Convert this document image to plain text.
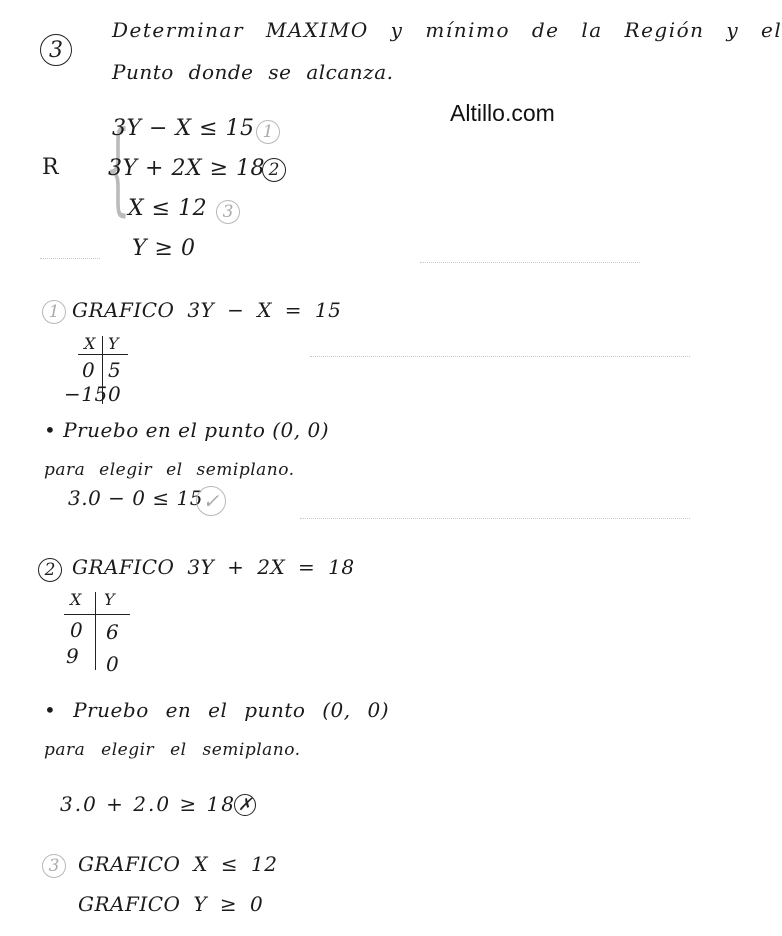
3
Determinar MAXIMO y mínimo de la Región y el
Punto donde se alcanza.
Altillo.com
R {
3Y − X ≤ 15 1
3Y + 2X ≥ 18 2
X ≤ 12 3
Y ≥ 0
1 GRAFICO 3Y − X = 15
X Y
0 5
−15 0
• Pruebo en el punto (0, 0)
para elegir el semiplano.
3.0 − 0 ≤ 15 ✓
2 GRAFICO 3Y + 2X = 18
X Y
0 6
9 0
• Pruebo en el punto (0, 0)
para elegir el semiplano.
3.0 + 2.0 ≥ 18 ✗
3 GRAFICO X ≤ 12
GRAFICO Y ≥ 0
